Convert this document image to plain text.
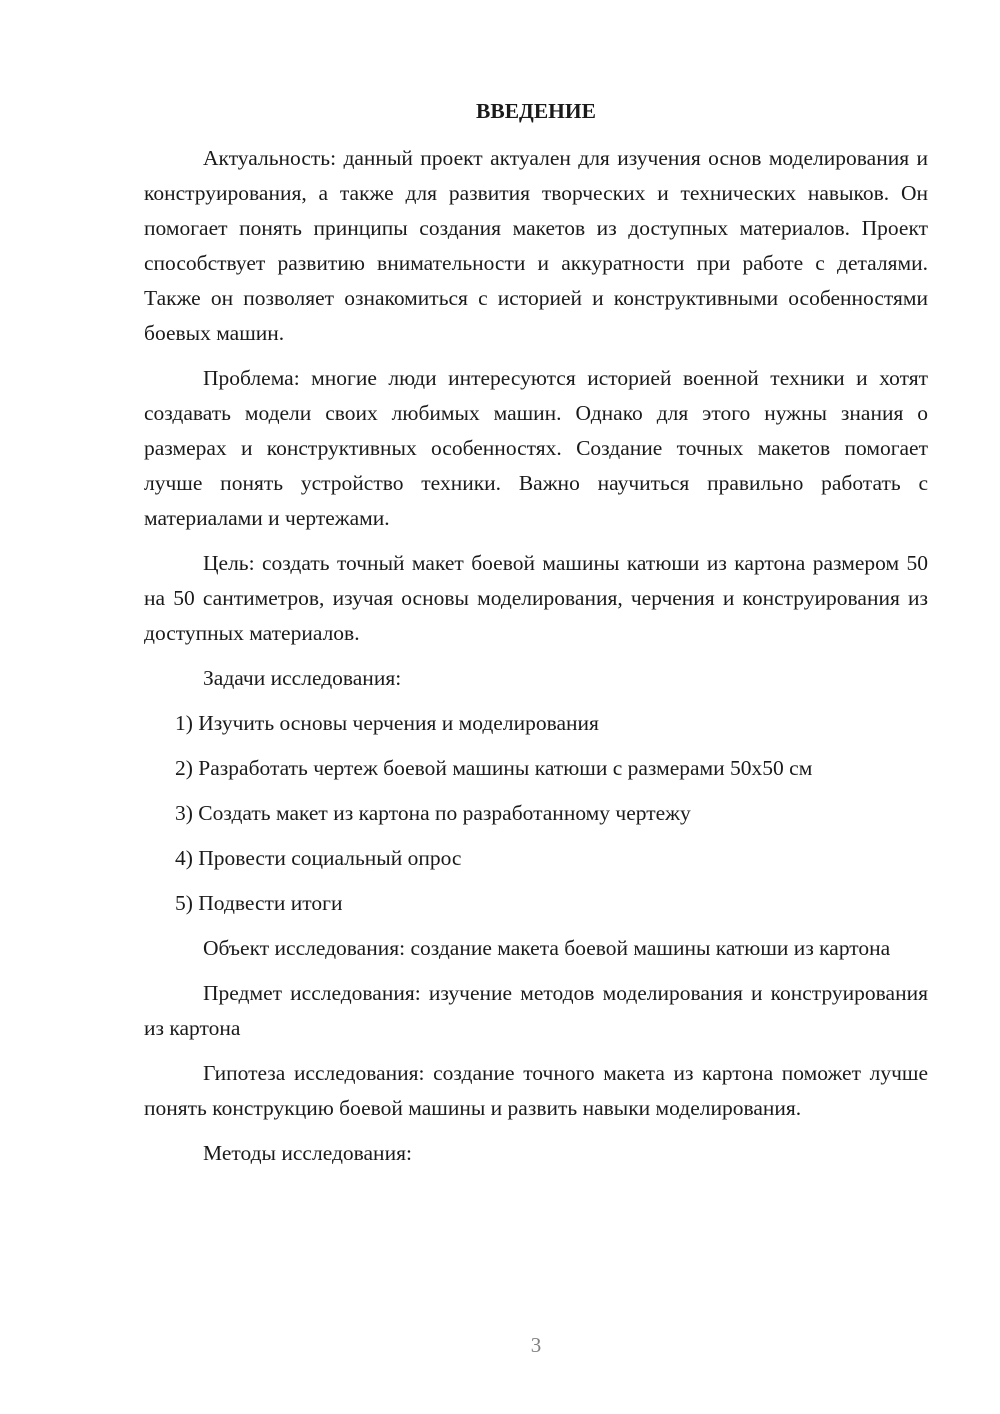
ВВЕДЕНИЕ

Актуальность: данный проект актуален для изучения основ моделирования и конструирования, а также для развития творческих и технических навыков. Он помогает понять принципы создания макетов из доступных материалов. Проект способствует развитию внимательности и аккуратности при работе с деталями. Также он позволяет ознакомиться с историей и конструктивными особенностями боевых машин.

Проблема: многие люди интересуются историей военной техники и хотят создавать модели своих любимых машин. Однако для этого нужны знания о размерах и конструктивных особенностях. Создание точных макетов помогает лучше понять устройство техники. Важно научиться правильно работать с материалами и чертежами.

Цель: создать точный макет боевой машины катюши из картона размером 50 на 50 сантиметров, изучая основы моделирования, черчения и конструирования из доступных материалов.

Задачи исследования:

1) Изучить основы черчения и моделирования
2) Разработать чертеж боевой машины катюши с размерами 50х50 см
3) Создать макет из картона по разработанному чертежу
4) Провести социальный опрос
5) Подвести итоги

Объект исследования: создание макета боевой машины катюши из картона

Предмет исследования: изучение методов моделирования и конструирования из картона

Гипотеза исследования: создание точного макета из картона поможет лучше понять конструкцию боевой машины и развить навыки моделирования.

Методы исследования:

3
